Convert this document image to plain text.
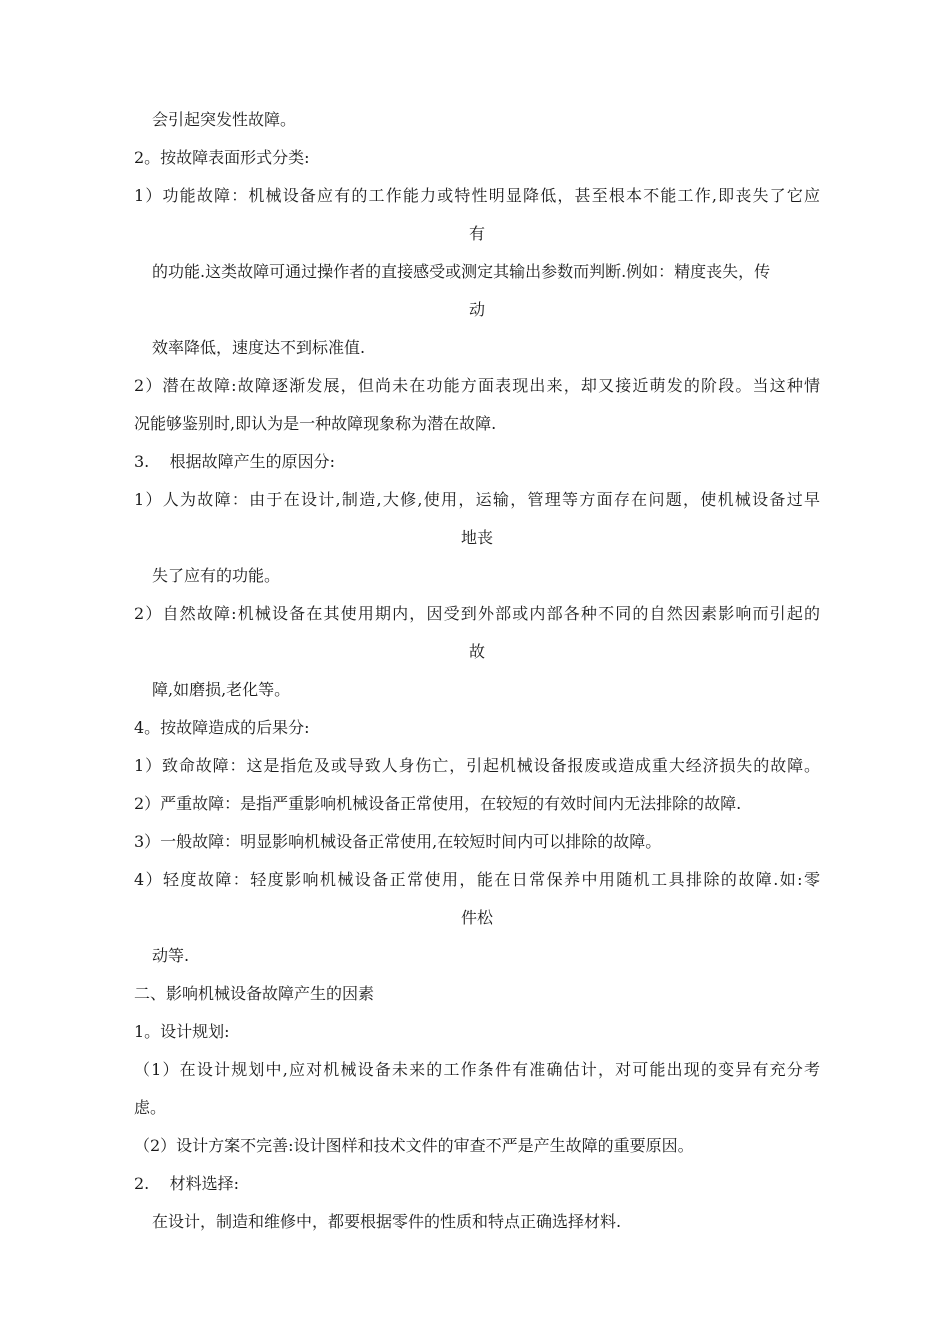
会引起突发性故障。
2。按故障表面形式分类:
1）功能故障：机械设备应有的工作能力或特性明显降低，甚至根本不能工作,即丧失了它应
有
的功能.这类故障可通过操作者的直接感受或测定其输出参数而判断.例如：精度丧失，传
动
效率降低，速度达不到标准值.
2）潜在故障:故障逐渐发展，但尚未在功能方面表现出来，却又接近萌发的阶段。当这种情
况能够鉴别时,即认为是一种故障现象称为潜在故障.
3.    根据故障产生的原因分:
1）人为故障：由于在设计,制造,大修,使用，运输，管理等方面存在问题，使机械设备过早
地丧
失了应有的功能。
2）自然故障:机械设备在其使用期内，因受到外部或内部各种不同的自然因素影响而引起的
故
障,如磨损,老化等。
4。按故障造成的后果分:
1）致命故障：这是指危及或导致人身伤亡，引起机械设备报废或造成重大经济损失的故障。
2）严重故障：是指严重影响机械设备正常使用，在较短的有效时间内无法排除的故障.
3）一般故障：明显影响机械设备正常使用,在较短时间内可以排除的故障。
4）轻度故障：轻度影响机械设备正常使用，能在日常保养中用随机工具排除的故障.如:零
件松
动等.
二、影响机械设备故障产生的因素
1。设计规划:
（1）在设计规划中,应对机械设备未来的工作条件有准确估计，对可能出现的变异有充分考
虑。
（2）设计方案不完善:设计图样和技术文件的审查不严是产生故障的重要原因。
2.    材料选择:
在设计，制造和维修中，都要根据零件的性质和特点正确选择材料.
